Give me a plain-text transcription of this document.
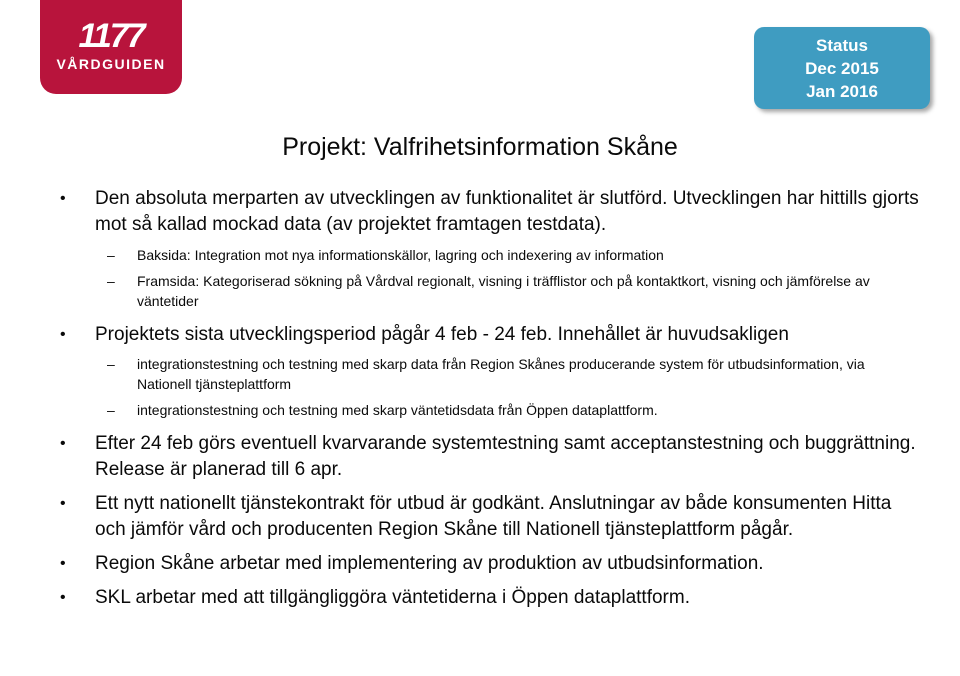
1177
VÅRDGUIDEN
Status
Dec 2015
Jan 2016
Projekt: Valfrihetsinformation Skåne
• Den absoluta merparten av utvecklingen av funktionalitet är slutförd. Utvecklingen har hittills gjorts mot så kallad mockad data (av projektet framtagen testdata).
– Baksida: Integration mot nya informationskällor, lagring och indexering av information
– Framsida: Kategoriserad sökning på Vårdval regionalt, visning i träfflistor och på kontaktkort, visning och jämförelse av väntetider
• Projektets sista utvecklingsperiod pågår 4 feb - 24 feb. Innehållet är huvudsakligen
– integrationstestning och testning med skarp data från Region Skånes producerande system för utbudsinformation, via Nationell tjänsteplattform
– integrationstestning och testning med skarp väntetidsdata från Öppen dataplattform.
• Efter 24 feb görs eventuell kvarvarande systemtestning samt acceptanstestning och buggrättning. Release är planerad till 6 apr.
• Ett nytt nationellt tjänstekontrakt för utbud är godkänt. Anslutningar av både konsumenten Hitta och jämför vård och producenten Region Skåne till Nationell tjänsteplattform pågår.
• Region Skåne arbetar med implementering av produktion av utbudsinformation.
• SKL arbetar med att tillgängliggöra väntetiderna i Öppen dataplattform.
